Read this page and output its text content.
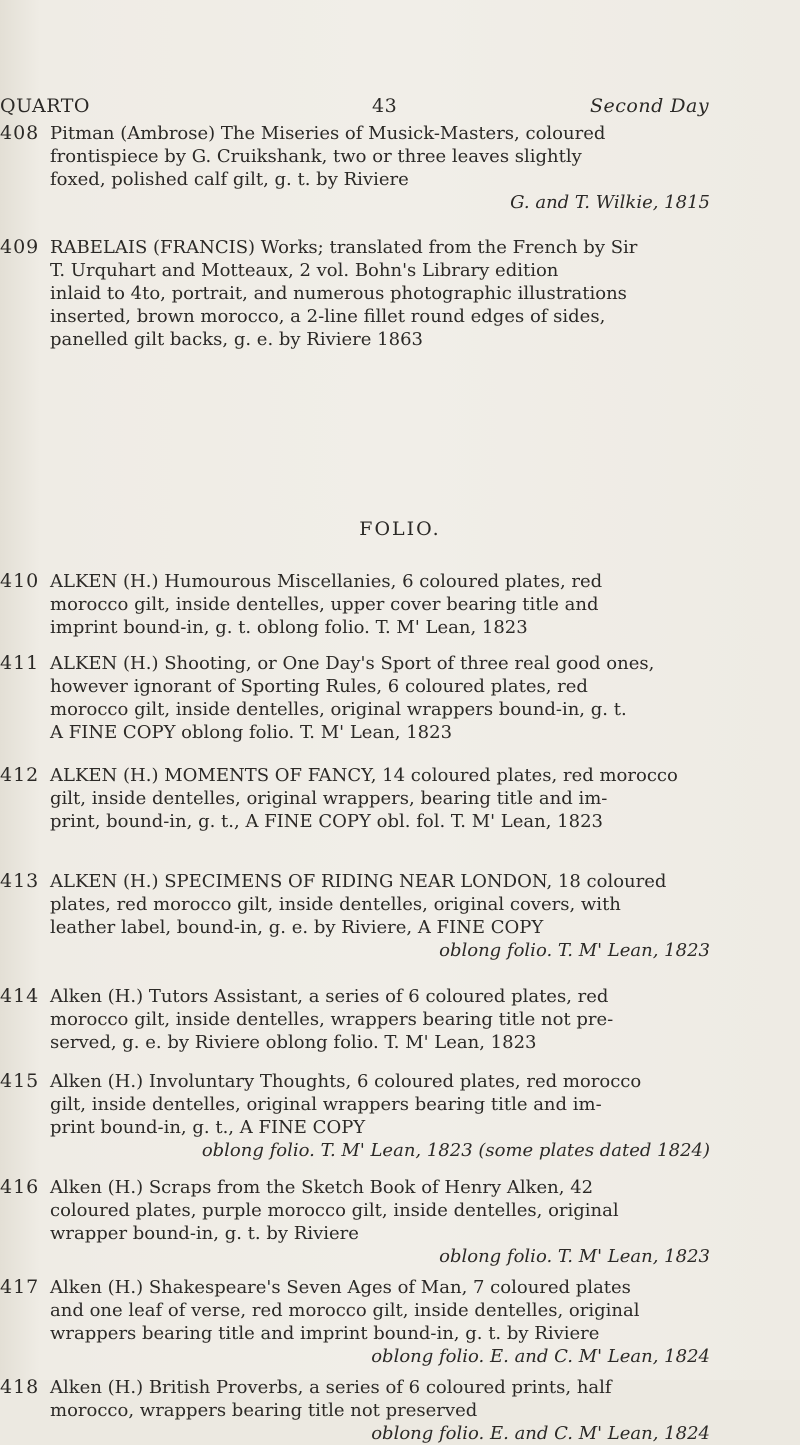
QUARTO	43	Second Day
408 Pitman (Ambrose) The Miseries of Musick-Masters, coloured
frontispiece by G. Cruikshank, two or three leaves slightly
foxed, polished calf gilt, g. t. by Riviere
G. and T. Wilkie, 1815
409 RABELAIS (FRANCIS) Works; translated from the French by Sir
T. Urquhart and Motteaux, 2 vol. Bohn's Library edition
inlaid to 4to, portrait, and numerous photographic illustrations
inserted, brown morocco, a 2-line fillet round edges of sides,
panelled gilt backs, g. e. by Riviere 1863
410 ALKEN (H.) Humourous Miscellanies, 6 coloured plates, red
morocco gilt, inside dentelles, upper cover bearing title and
imprint bound-in, g. t. oblong folio. T. M' Lean, 1823
411 ALKEN (H.) Shooting, or One Day's Sport of three real good ones,
however ignorant of Sporting Rules, 6 coloured plates, red
morocco gilt, inside dentelles, original wrappers bound-in, g. t.
A FINE COPY oblong folio. T. M' Lean, 1823
412 ALKEN (H.) MOMENTS OF FANCY, 14 coloured plates, red morocco
gilt, inside dentelles, original wrappers, bearing title and im-
print, bound-in, g. t., A FINE COPY obl. fol. T. M' Lean, 1823
413 ALKEN (H.) SPECIMENS OF RIDING NEAR LONDON, 18 coloured
plates, red morocco gilt, inside dentelles, original covers, with
leather label, bound-in, g. e. by Riviere, A FINE COPY
oblong folio. T. M' Lean, 1823
414 Alken (H.) Tutors Assistant, a series of 6 coloured plates, red
morocco gilt, inside dentelles, wrappers bearing title not pre-
served, g. e. by Riviere oblong folio. T. M' Lean, 1823
415 Alken (H.) Involuntary Thoughts, 6 coloured plates, red morocco
gilt, inside dentelles, original wrappers bearing title and im-
print bound-in, g. t., A FINE COPY
oblong folio. T. M' Lean, 1823 (some plates dated 1824)
416 Alken (H.) Scraps from the Sketch Book of Henry Alken, 42
coloured plates, purple morocco gilt, inside dentelles, original
wrapper bound-in, g. t. by Riviere
oblong folio. T. M' Lean, 1823
417 Alken (H.) Shakespeare's Seven Ages of Man, 7 coloured plates
and one leaf of verse, red morocco gilt, inside dentelles, original
wrappers bearing title and imprint bound-in, g. t. by Riviere
oblong folio. E. and C. M' Lean, 1824
418 Alken (H.) British Proverbs, a series of 6 coloured prints, half
morocco, wrappers bearing title not preserved
oblong folio. E. and C. M' Lean, 1824
FOLIO.
